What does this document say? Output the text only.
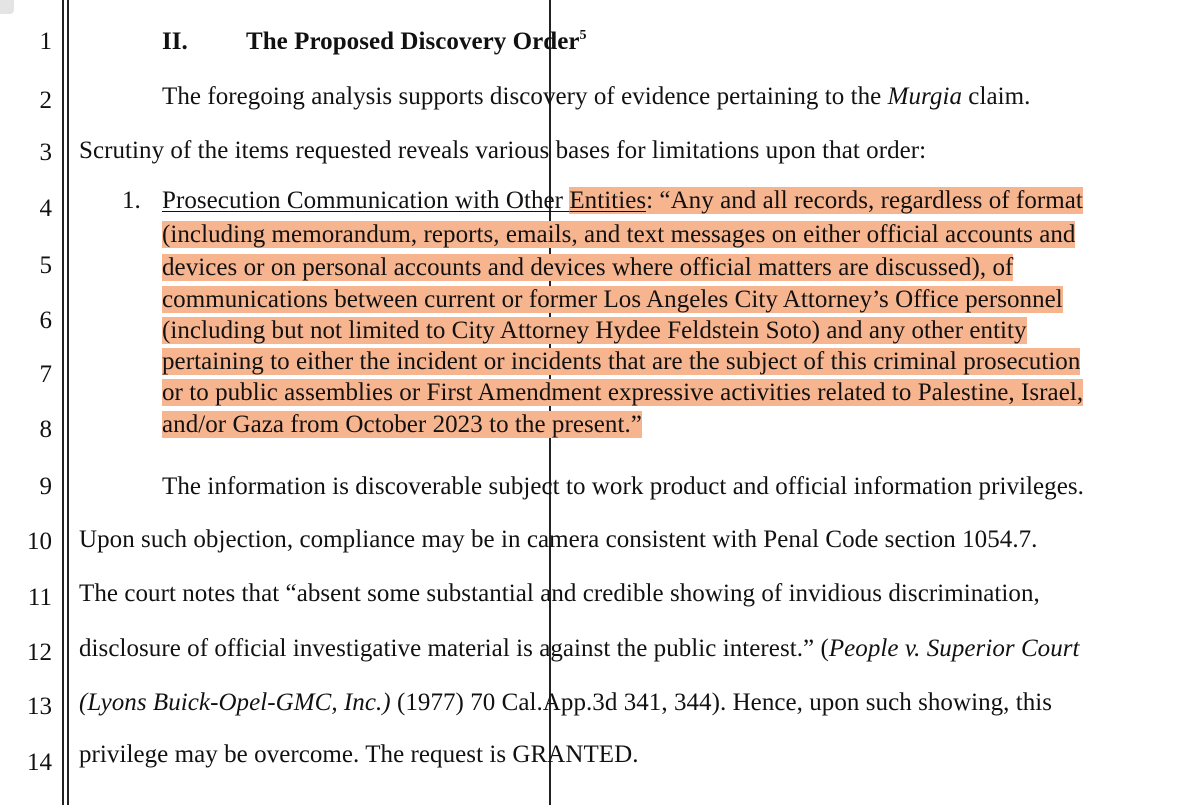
1
2
3
4
5
6
7
8
9
10
11
12
13
14
II. The Proposed Discovery Order$^5$
The foregoing analysis supports discovery of evidence pertaining to the Murgia claim.
Scrutiny of the items requested reveals various bases for limitations upon that order:
1. Prosecution Communication with Other Entities: “Any and all records, regardless of format
(including memorandum, reports, emails, and text messages on either official accounts and
devices or on personal accounts and devices where official matters are discussed), of
communications between current or former Los Angeles City Attorney’s Office personnel
(including but not limited to City Attorney Hydee Feldstein Soto) and any other entity
pertaining to either the incident or incidents that are the subject of this criminal prosecution
or to public assemblies or First Amendment expressive activities related to Palestine, Israel,
and/or Gaza from October 2023 to the present.”
The information is discoverable subject to work product and official information privileges.
Upon such objection, compliance may be in camera consistent with Penal Code section 1054.7.
The court notes that “absent some substantial and credible showing of invidious discrimination,
disclosure of official investigative material is against the public interest.” (People v. Superior Court
(Lyons Buick-Opel-GMC, Inc.) (1977) 70 Cal.App.3d 341, 344). Hence, upon such showing, this
privilege may be overcome. The request is GRANTED.
